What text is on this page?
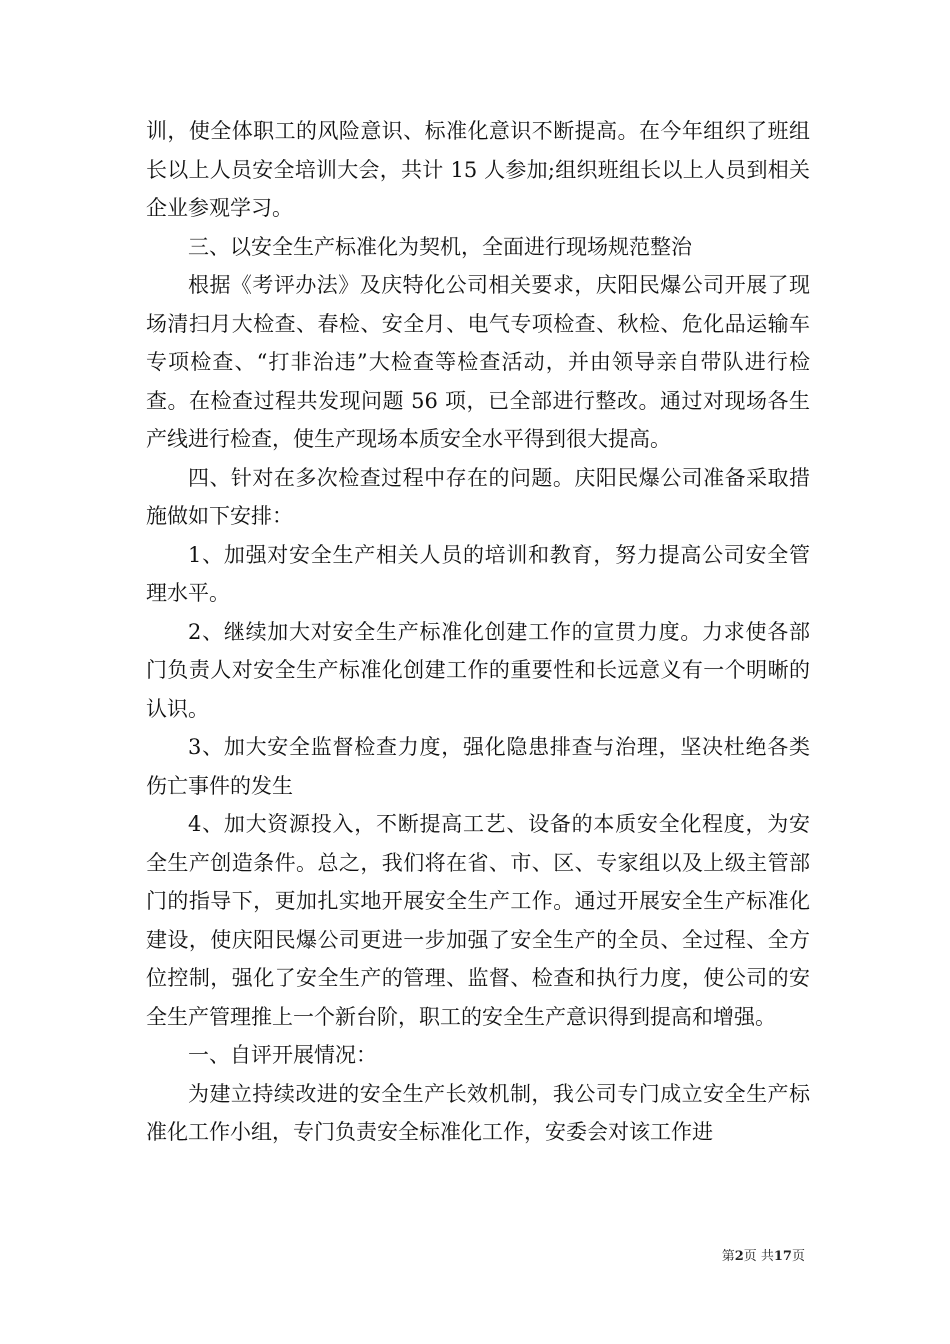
训，使全体职工的风险意识、标准化意识不断提高。在今年组织了班组长以上人员安全培训大会，共计 15 人参加;组织班组长以上人员到相关企业参观学习。

三、以安全生产标准化为契机，全面进行现场规范整治

根据《考评办法》及庆特化公司相关要求，庆阳民爆公司开展了现场清扫月大检查、春检、安全月、电气专项检查、秋检、危化品运输车专项检查、“打非治违”大检查等检查活动，并由领导亲自带队进行检查。在检查过程共发现问题 56 项，已全部进行整改。通过对现场各生产线进行检查，使生产现场本质安全水平得到很大提高。

四、针对在多次检查过程中存在的问题。庆阳民爆公司准备采取措施做如下安排：

1、加强对安全生产相关人员的培训和教育，努力提高公司安全管理水平。

2、继续加大对安全生产标准化创建工作的宣贯力度。力求使各部门负责人对安全生产标准化创建工作的重要性和长远意义有一个明晰的认识。

3、加大安全监督检查力度，强化隐患排查与治理，坚决杜绝各类伤亡事件的发生

4、加大资源投入，不断提高工艺、设备的本质安全化程度，为安全生产创造条件。总之，我们将在省、市、区、专家组以及上级主管部门的指导下，更加扎实地开展安全生产工作。通过开展安全生产标准化建设，使庆阳民爆公司更进一步加强了安全生产的全员、全过程、全方位控制，强化了安全生产的管理、监督、检查和执行力度，使公司的安全生产管理推上一个新台阶，职工的安全生产意识得到提高和增强。

一、自评开展情况：

为建立持续改进的安全生产长效机制，我公司专门成立安全生产标准化工作小组，专门负责安全标准化工作，安委会对该工作进

第2页 共17页
